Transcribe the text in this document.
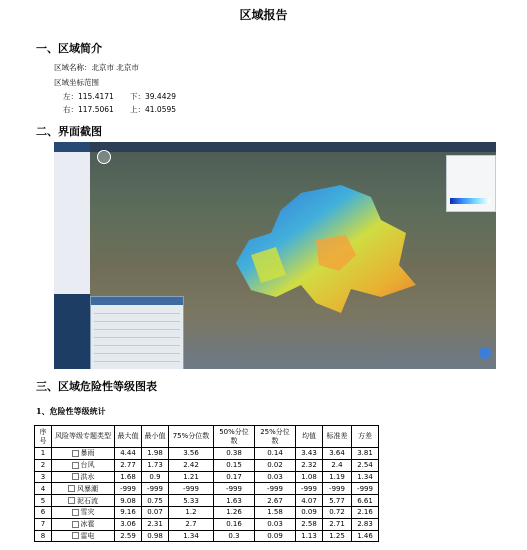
区域报告
一、区域简介
区域名称：北京市 北京市
区域坐标范围
左：115.4171 下：39.4429
右：117.5061 上：41.0595
二、界面截图
三、区域危险性等级图表
1、危险性等级统计
序号	风险等级专题类型	最大值	最小值	75%分位数	50%分位数	25%分位数	均值	标准差	方差
1	暴雨	4.44	1.98	3.56	0.38	0.14	3.43	3.64	3.81
2	台风	2.77	1.73	2.42	0.15	0.02	2.32	2.4	2.54
3	洪水	1.68	0.9	1.21	0.17	0.03	1.08	1.19	1.34
4	风暴潮	-999	-999	-999	-999	-999	-999	-999	-999
5	泥石流	9.08	0.75	5.33	1.63	2.67	4.07	5.77	6.61
6	雪灾	9.16	0.07	1.2	1.26	1.58	0.09	0.72	2.16
7	冰雹	3.06	2.31	2.7	0.16	0.03	2.58	2.71	2.83
8	雷电	2.59	0.98	1.34	0.3	0.09	1.13	1.25	1.46
